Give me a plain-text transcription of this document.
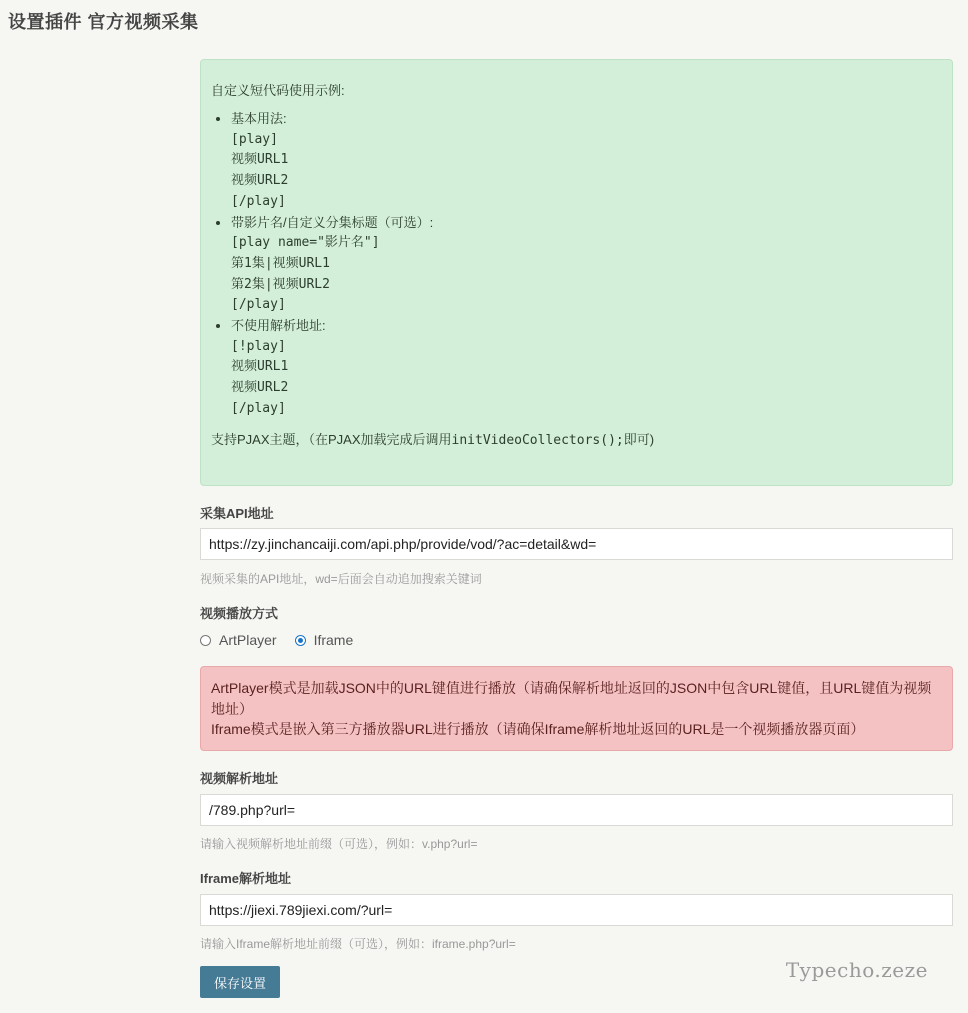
设置插件 官方视频采集

自定义短代码使用示例:

• 基本用法:
[play]
视频URL1
视频URL2
[/play]
• 带影片名/自定义分集标题（可选）:
[play name="影片名"]
第1集|视频URL1
第2集|视频URL2
[/play]
• 不使用解析地址:
[!play]
视频URL1
视频URL2
[/play]

支持PJAX主题，（在PJAX加载完成后调用initVideoCollectors();即可)

采集API地址

https://zy.jinchancaiji.com/api.php/provide/vod/?ac=detail&wd=

视频采集的API地址，wd=后面会自动追加搜索关键词

视频播放方式

ArtPlayer	Iframe

ArtPlayer模式是加载JSON中的URL键值进行播放（请确保解析地址返回的JSON中包含URL键值，且URL键值为视频地址）

Iframe模式是嵌入第三方播放器URL进行播放（请确保Iframe解析地址返回的URL是一个视频播放器页面）

视频解析地址

/789.php?url=

请输入视频解析地址前缀（可选），例如：v.php?url=

Iframe解析地址

https://jiexi.789jiexi.com/?url=

请输入Iframe解析地址前缀（可选），例如：iframe.php?url=

保存设置

Typecho.zeze
